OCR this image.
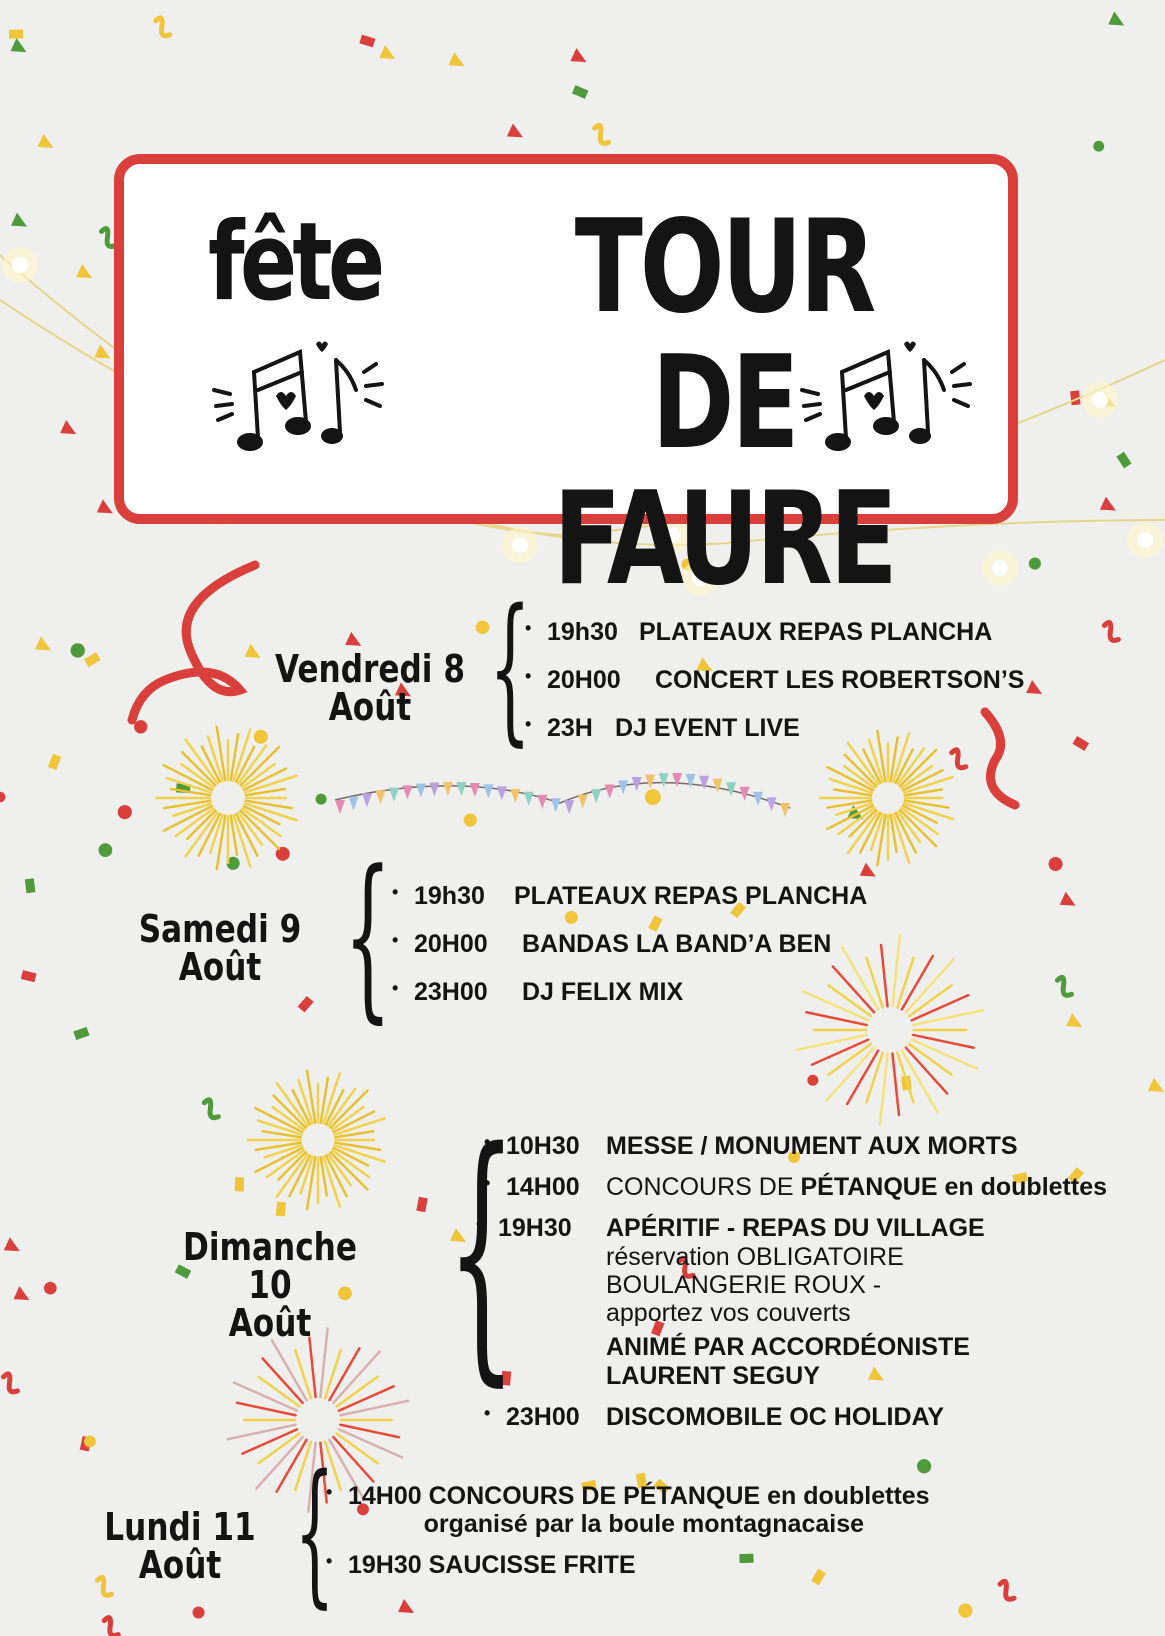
fête	TOUR DE
FAURE
Vendredi 8
Août { • 19h30 PLATEAUX REPAS PLANCHA
• 20H00 CONCERT LES ROBERTSON’S
• 23H DJ EVENT LIVE
Samedi 9
Août { • 19h30 PLATEAUX REPAS PLANCHA
• 20H00 BANDAS LA BAND’A BEN
• 23H00 DJ FELIX MIX
Dimanche 10
Août {
• 10H30 MESSE / MONUMENT AUX MORTS
• 14H00 CONCOURS DE PÉTANQUE en doublettes
• 19H30 APÉRITIF - REPAS DU VILLAGE
réservation OBLIGATOIRE
BOULANGERIE ROUX -
apportez vos couverts
ANIMÉ PAR ACCORDÉONISTE
LAURENT SEGUY
• 23H00 DISCOMOBILE OC HOLIDAY
Lundi 11
Août { • 14H00 CONCOURS DE PÉTANQUE en doublettes
organisé par la boule montagnacaise
• 19H30 SAUCISSE FRITE
